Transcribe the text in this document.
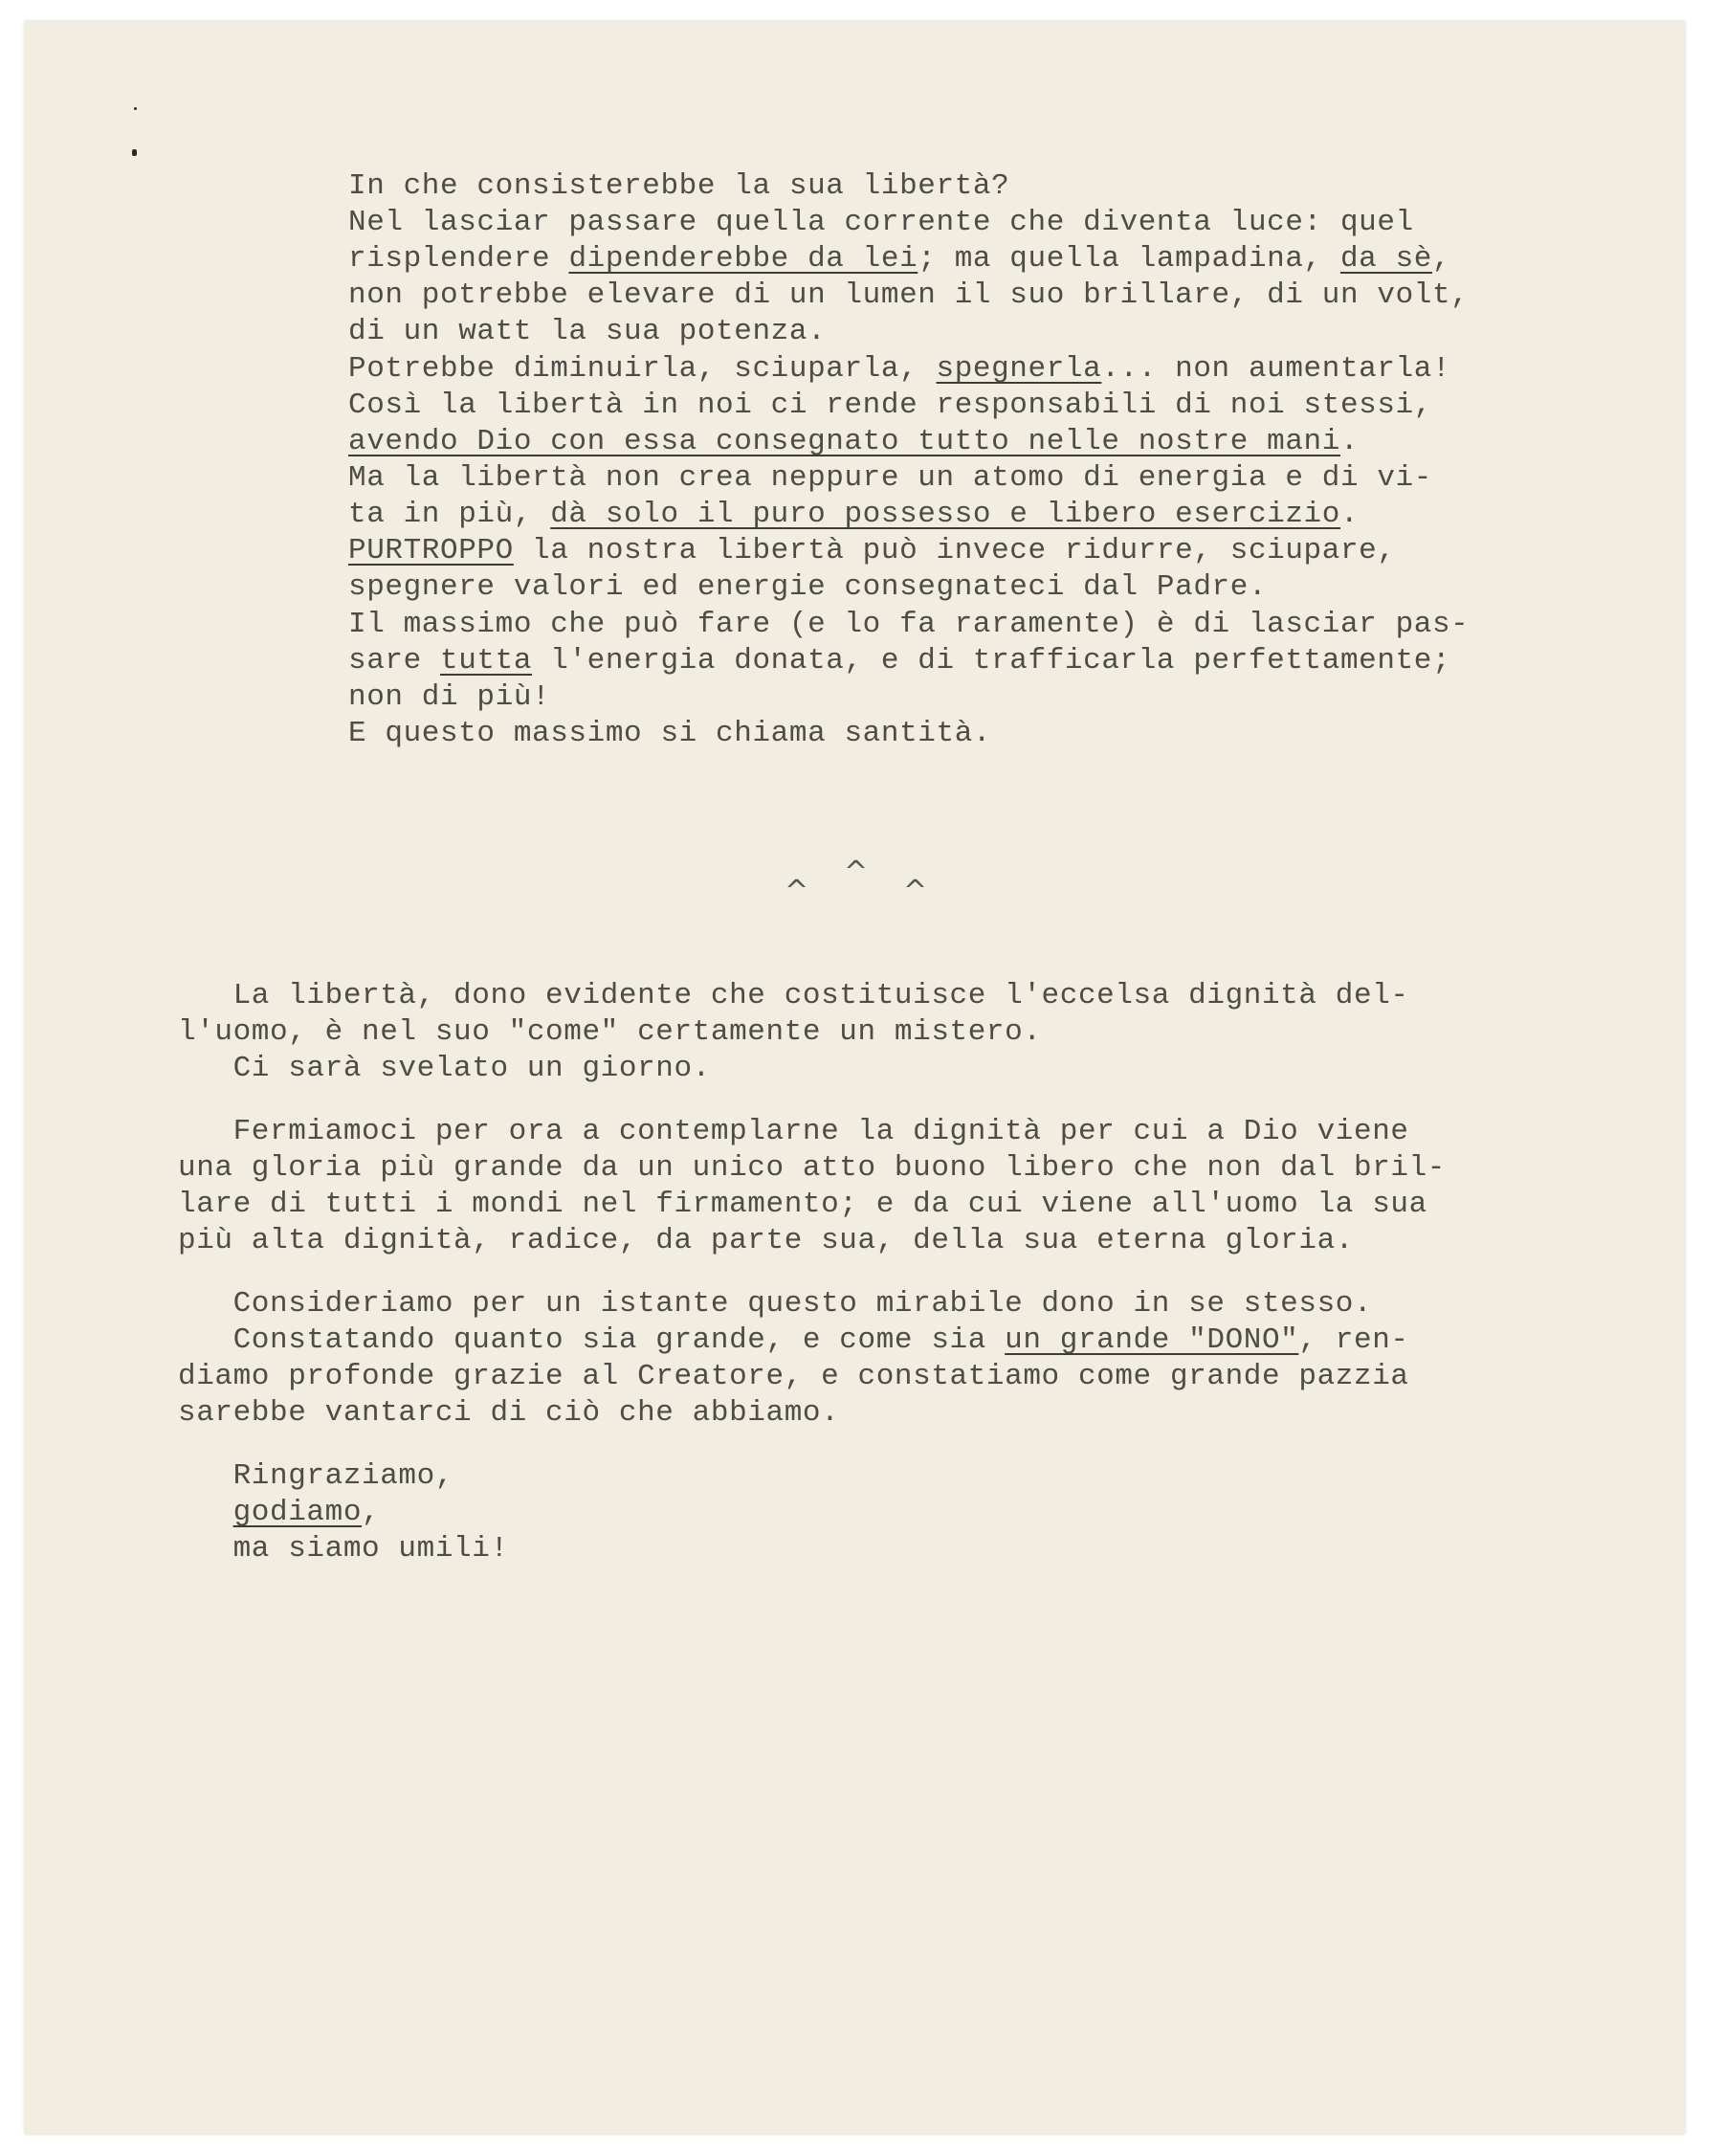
In che consisterebbe la sua libertà?
Nel lasciar passare quella corrente che diventa luce: quel
risplendere dipenderebbe da lei; ma quella lampadina, da sè,
non potrebbe elevare di un lumen il suo brillare, di un volt,
di un watt la sua potenza.
Potrebbe diminuirla, sciuparla, spegnerla... non aumentarla!
Così la libertà in noi ci rende responsabili di noi stessi,
avendo Dio con essa consegnato tutto nelle nostre mani.
Ma la libertà non crea neppure un atomo di energia e di vi-
ta in più, dà solo il puro possesso e libero esercizio.
PURTROPPO la nostra libertà può invece ridurre, sciupare,
spegnere valori ed energie consegnateci dal Padre.
Il massimo che può fare (e lo fa raramente) è di lasciar pas-
sare tutta l'energia donata, e di trafficarla perfettamente;
non di più!
E questo massimo si chiama santità.
^
^
^
La libertà, dono evidente che costituisce l'eccelsa dignità del-
l'uomo, è nel suo "come" certamente un mistero.
Ci sarà svelato un giorno.
Fermiamoci per ora a contemplarne la dignità per cui a Dio viene
una gloria più grande da un unico atto buono libero che non dal bril-
lare di tutti i mondi nel firmamento; e da cui viene all'uomo la sua
più alta dignità, radice, da parte sua, della sua eterna gloria.
Consideriamo per un istante questo mirabile dono in se stesso.
Constatando quanto sia grande, e come sia un grande "DONO", ren-
diamo profonde grazie al Creatore, e constatiamo come grande pazzia
sarebbe vantarci di ciò che abbiamo.
Ringraziamo,
godiamo,
ma siamo umili!
